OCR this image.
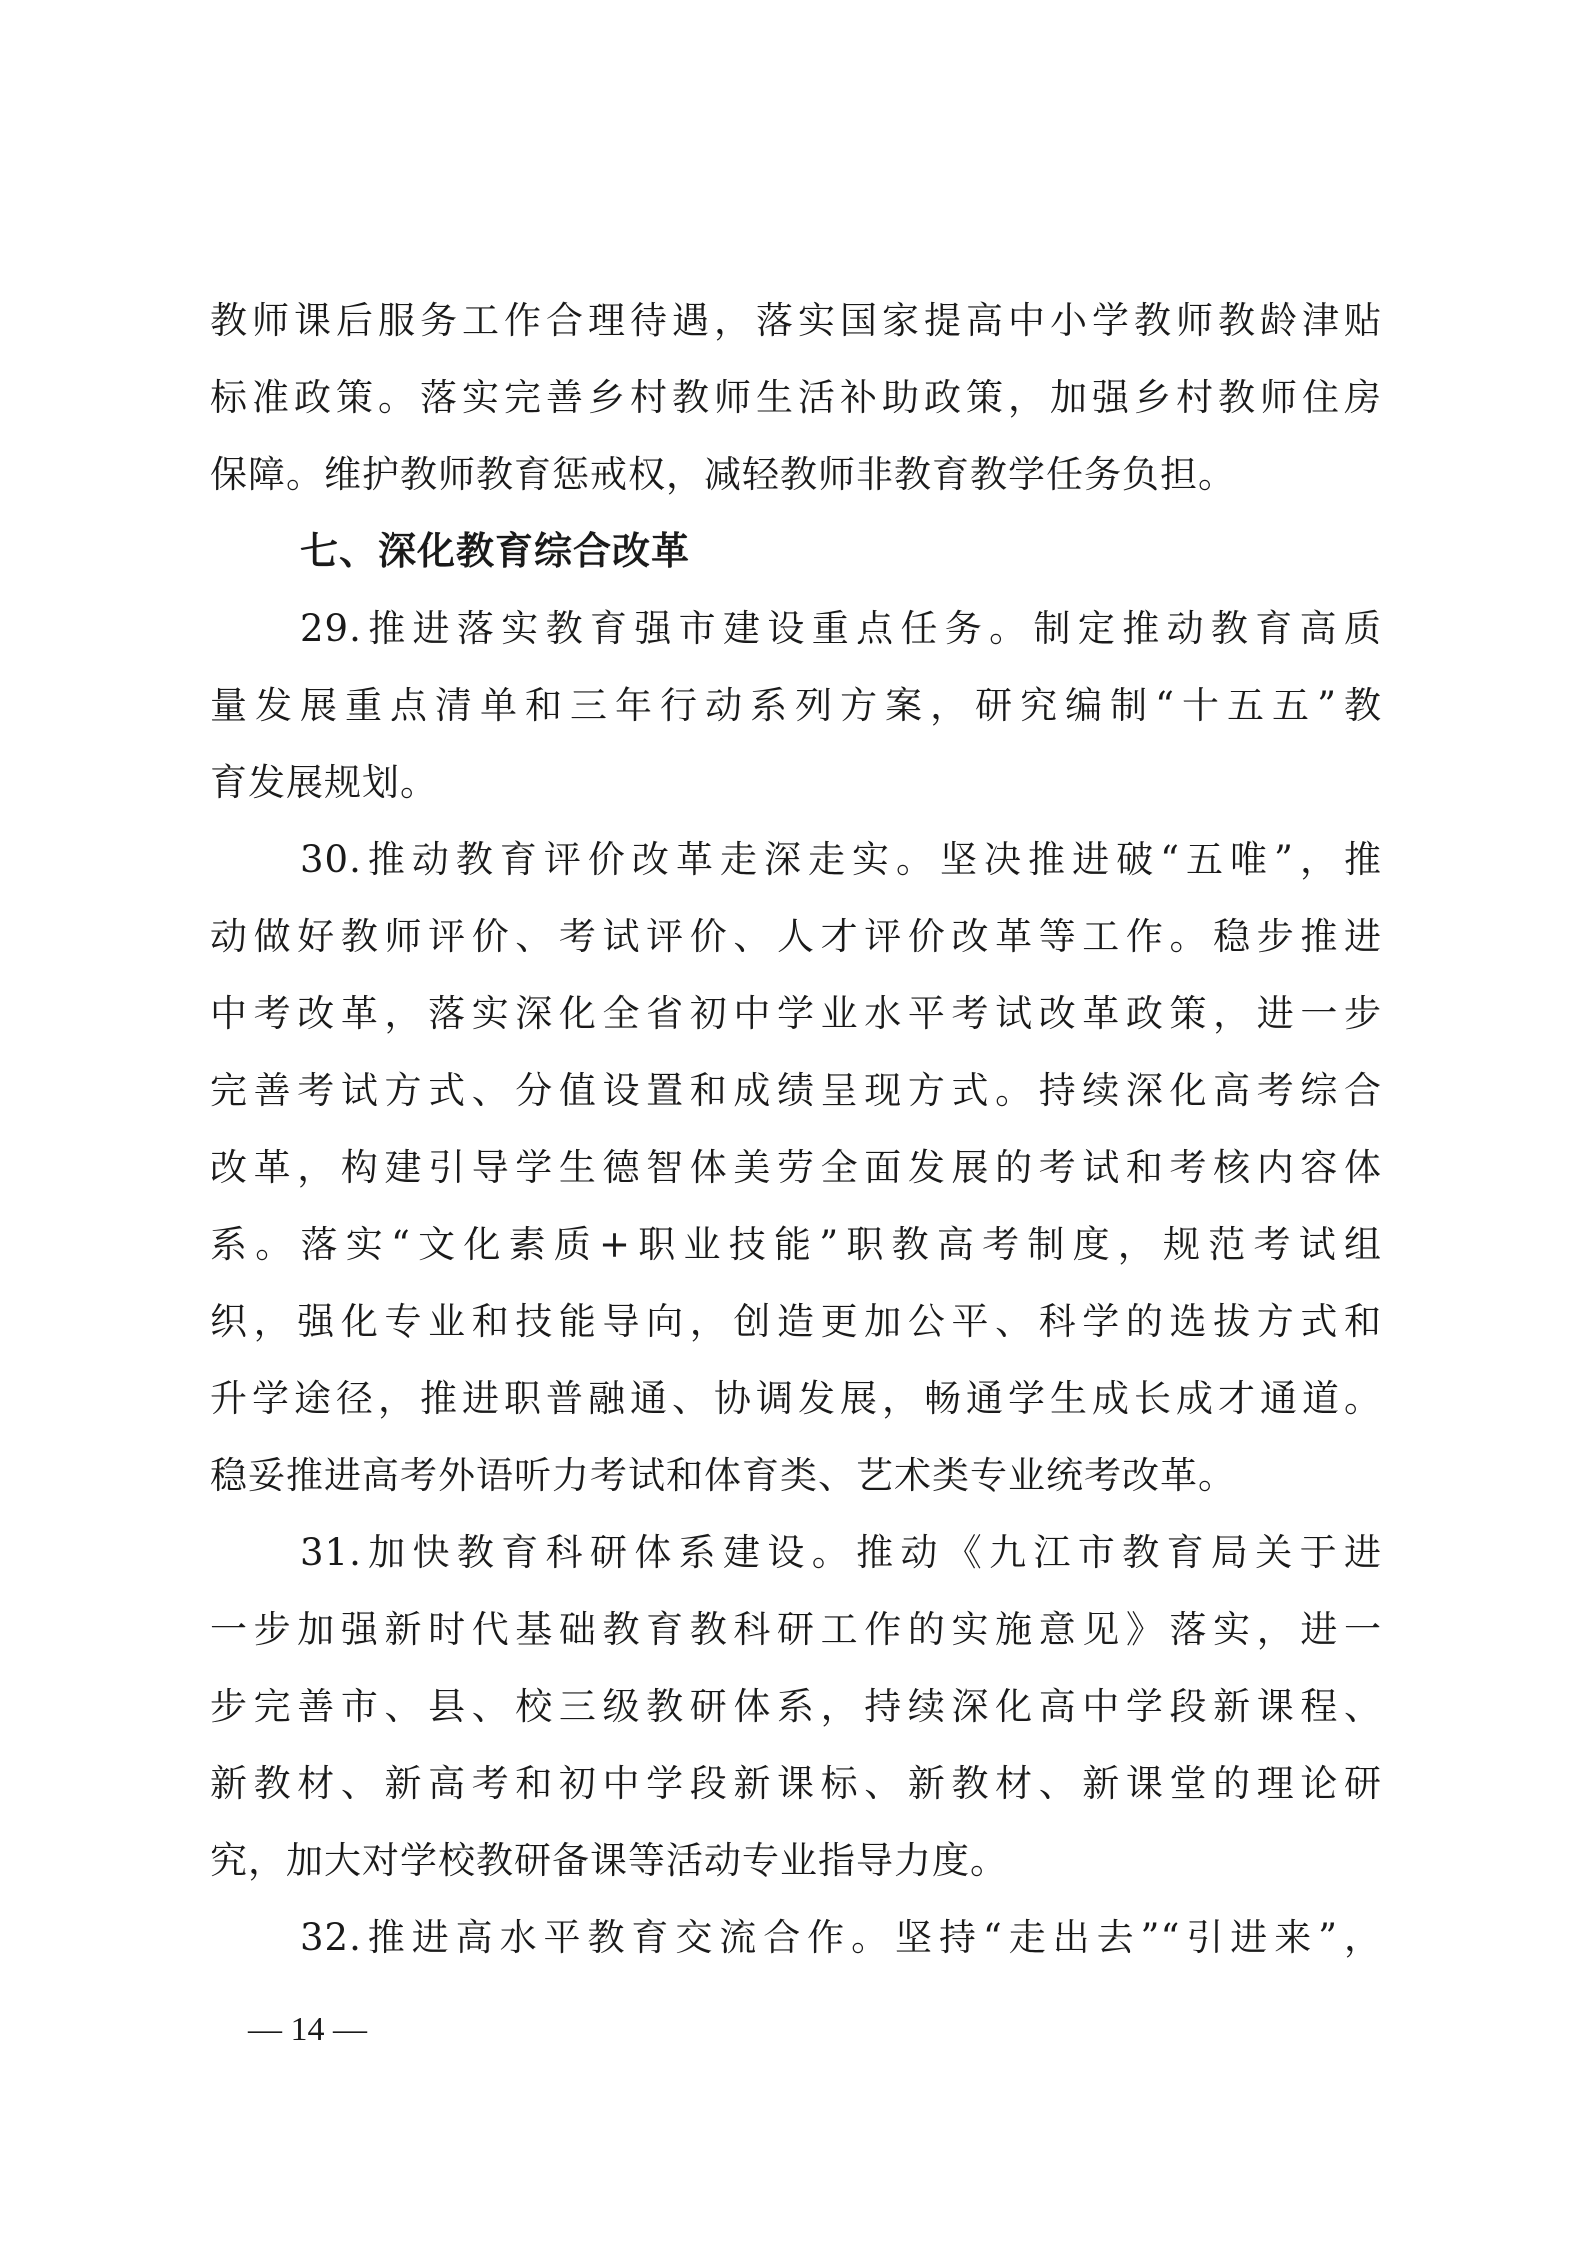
教师课后服务工作合理待遇，落实国家提高中小学教师教龄津贴
标准政策。落实完善乡村教师生活补助政策，加强乡村教师住房
保障。维护教师教育惩戒权，减轻教师非教育教学任务负担。
七、深化教育综合改革
29.推进落实教育强市建设重点任务。制定推动教育高质
量发展重点清单和三年行动系列方案，研究编制“十五五”教
育发展规划。
30.推动教育评价改革走深走实。坚决推进破“五唯”，推
动做好教师评价、考试评价、人才评价改革等工作。稳步推进
中考改革，落实深化全省初中学业水平考试改革政策，进一步
完善考试方式、分值设置和成绩呈现方式。持续深化高考综合
改革，构建引导学生德智体美劳全面发展的考试和考核内容体
系。落实“文化素质+职业技能”职教高考制度，规范考试组
织，强化专业和技能导向，创造更加公平、科学的选拔方式和
升学途径，推进职普融通、协调发展，畅通学生成长成才通道。
稳妥推进高考外语听力考试和体育类、艺术类专业统考改革。
31.加快教育科研体系建设。推动《九江市教育局关于进
一步加强新时代基础教育教科研工作的实施意见》落实，进一
步完善市、县、校三级教研体系，持续深化高中学段新课程、
新教材、新高考和初中学段新课标、新教材、新课堂的理论研
究，加大对学校教研备课等活动专业指导力度。
32.推进高水平教育交流合作。坚持“走出去”“引进来”，
— 14 —
